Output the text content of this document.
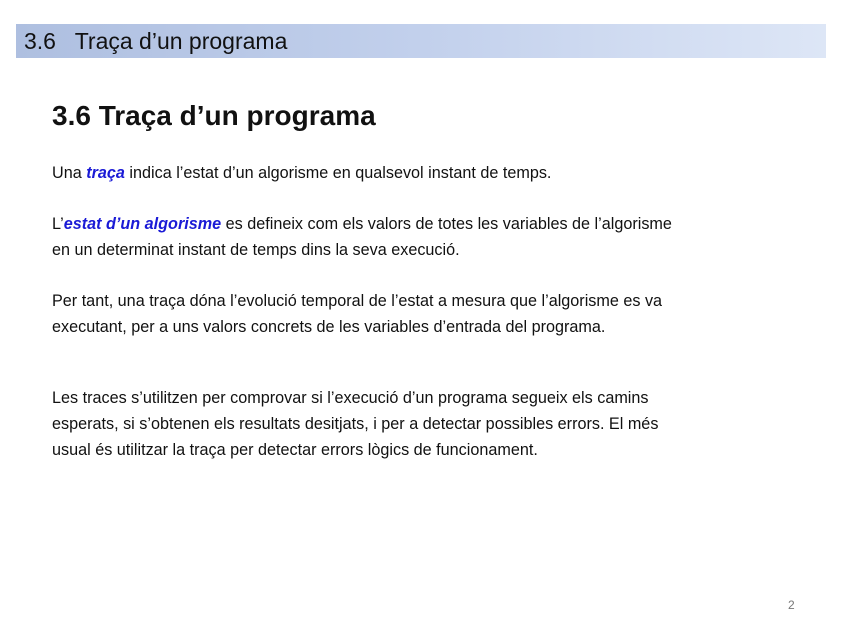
3.6   Traça d’un programa
3.6 Traça d’un programa
Una traça indica l’estat d’un algorisme en qualsevol instant de temps.
L’estat d’un algorisme es defineix com els valors de totes les variables de l’algorisme
en un determinat instant de temps dins la seva execució.
Per tant, una traça dóna l’evolució temporal de l’estat a mesura que l’algorisme es va
executant, per a uns valors concrets de les variables d’entrada del programa.
Les traces s’utilitzen per comprovar si l’execució d’un programa segueix els camins
esperats, si s’obtenen els resultats desitjats, i per a detectar possibles errors. El més
usual és utilitzar la traça per detectar errors lògics de funcionament.
2
